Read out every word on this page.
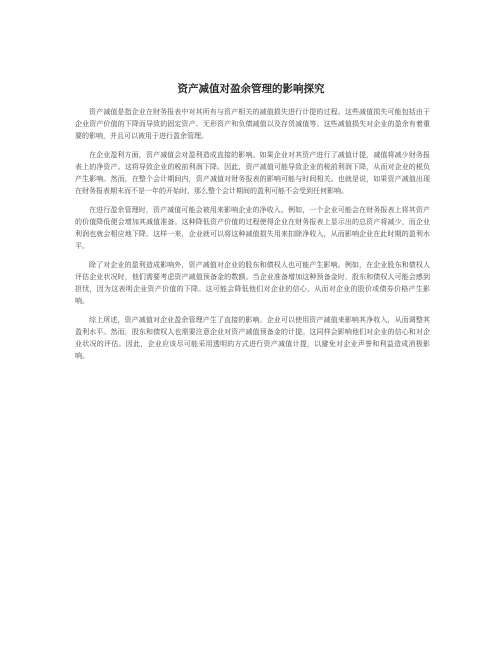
资产减值对盈余管理的影响探究

资产减值是指企业在财务报表中对其所有与资产相关的减值损失进行计提的过程。这些减值损失可能包括由于企业资产价值的下降而导致的固定资产、无形资产和负债减值以及存货减值等。这些减值损失对企业的盈余有着重要的影响，并且可以被用于进行盈余管理。

在企业盈利方面，资产减值会对盈利造成直接的影响。如果企业对其资产进行了减值计提，减值将减少财务报表上的净资产。这将导致企业的税前利润下降。因此，资产减值可能导致企业的税前利润下降，从而对企业的税负产生影响。然而，在整个会计期间内，资产减值对财务报表的影响可能与时间相关。也就是说，如果资产减值出现在财务报表期末而不是一年的开始时，那么整个会计期间的盈利可能不会受到任何影响。

在进行盈余管理时，资产减值可能会被用来影响企业的净收入。例如，一个企业可能会在财务报表上将其资产的价值降低便会增加其减值准备。这种降低资产价值的过程使得企业在财务报表上显示出的总资产将减少，而企业利润也就会相应地下降。这样一来，企业就可以将这种减值损失用来扣除净收入，从而影响企业在此时期的盈利水平。

除了对企业的盈利造成影响外，资产减值对企业的股东和债权人也可能产生影响。例如，在企业股东和债权人评估企业状况时，他们需要考虑资产减值预备金的数额。当企业准备增加这种预备金时，股东和债权人可能会感到担忧，因为这表明企业资产价值的下降。这可能会降低他们对企业的信心，从而对企业的股价或债券价格产生影响。

综上所述，资产减值对企业盈余管理产生了直接的影响。企业可以使用资产减值来影响其净收入，从而调整其盈利水平。然而，股东和债权人也需要注意企业对资产减值预备金的计提。这同样会影响他们对企业的信心和对企业状况的评估。因此，企业应该尽可能采用透明的方式进行资产减值计提，以避免对企业声誉和利益造成消极影响。
